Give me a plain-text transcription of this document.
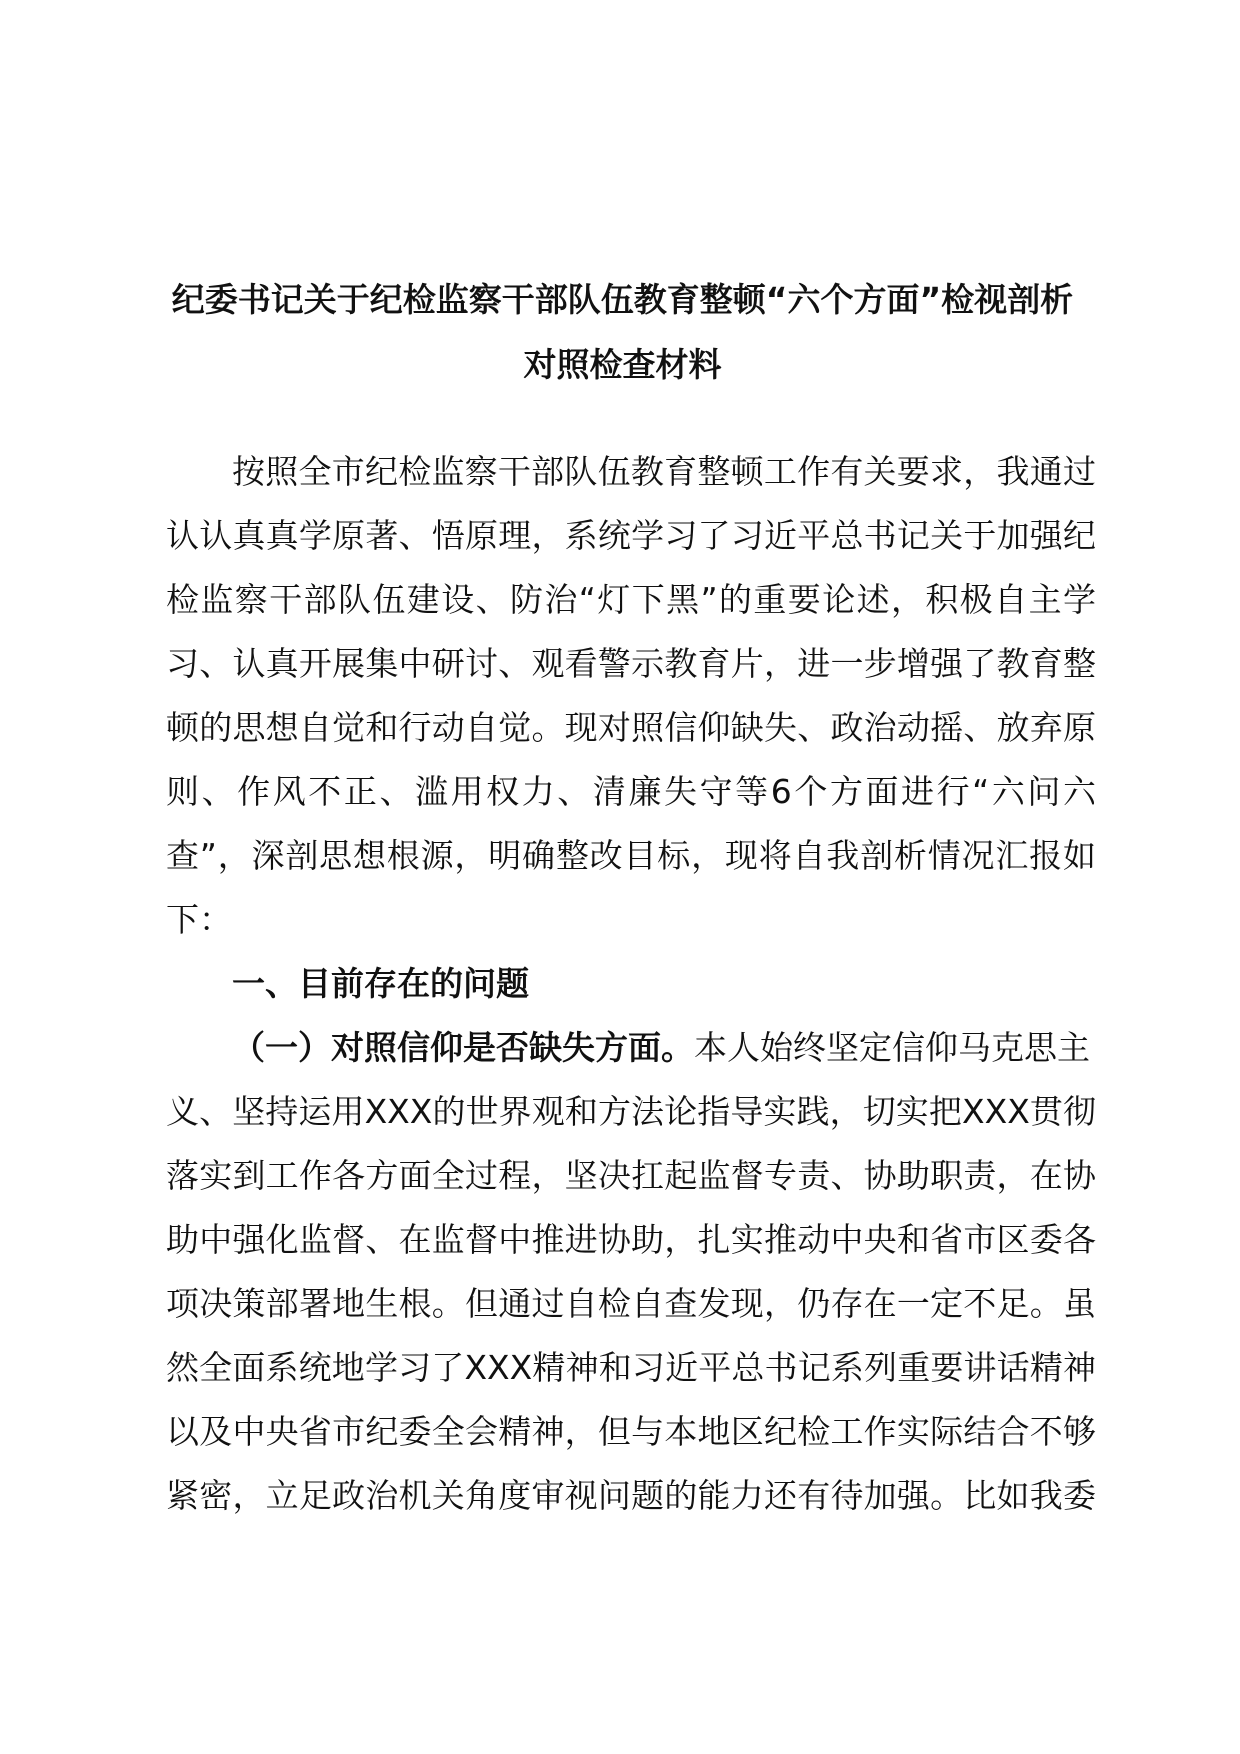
纪委书记关于纪检监察干部队伍教育整顿“六个方面”检视剖析
对照检查材料
按照全市纪检监察干部队伍教育整顿工作有关要求，我通过
认认真真学原著、悟原理，系统学习了习近平总书记关于加强纪
检监察干部队伍建设、防治“灯下黑”的重要论述，积极自主学
习、认真开展集中研讨、观看警示教育片，进一步增强了教育整
顿的思想自觉和行动自觉。现对照信仰缺失、政治动摇、放弃原
则、作风不正、滥用权力、清廉失守等6个方面进行“六问六
查”，深剖思想根源，明确整改目标，现将自我剖析情况汇报如
下：
一、目前存在的问题
（一）对照信仰是否缺失方面。本人始终坚定信仰马克思主
义、坚持运用XXX的世界观和方法论指导实践，切实把XXX贯彻
落实到工作各方面全过程，坚决扛起监督专责、协助职责，在协
助中强化监督、在监督中推进协助，扎实推动中央和省市区委各
项决策部署地生根。但通过自检自查发现，仍存在一定不足。虽
然全面系统地学习了XXX精神和习近平总书记系列重要讲话精神
以及中央省市纪委全会精神，但与本地区纪检工作实际结合不够
紧密，立足政治机关角度审视问题的能力还有待加强。比如我委
